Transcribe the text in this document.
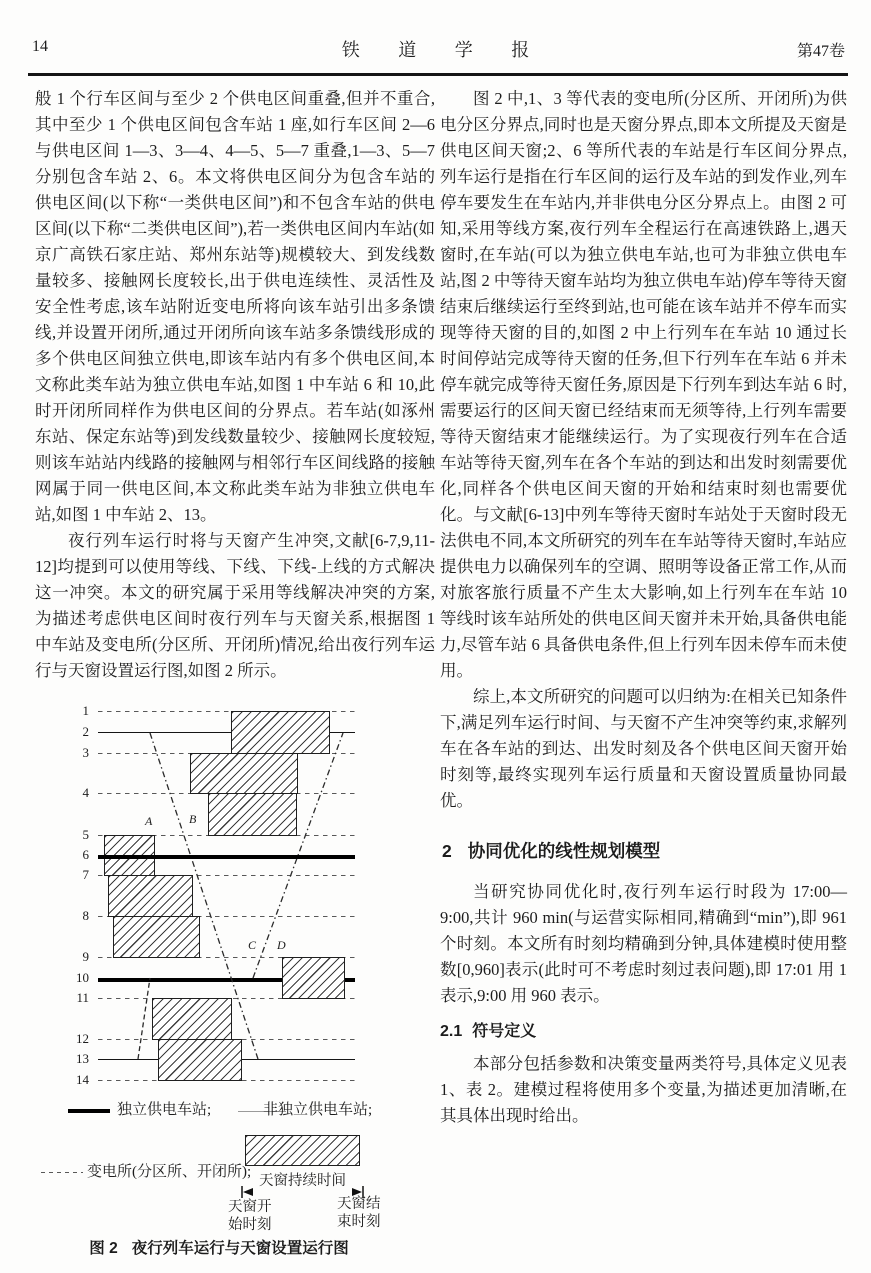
14	铁 道 学 报	第47卷

般 1 个行车区间与至少 2 个供电区间重叠,但并不重合,其中至少 1 个供电区间包含车站 1 座,如行车区间 2—6 与供电区间 1—3、3—4、4—5、5—7 重叠,1—3、5—7 分别包含车站 2、6。本文将供电区间分为包含车站的供电区间(以下称“一类供电区间”)和不包含车站的供电区间(以下称“二类供电区间”),若一类供电区间内车站(如京广高铁石家庄站、郑州东站等)规模较大、到发线数量较多、接触网长度较长,出于供电连续性、灵活性及安全性考虑,该车站附近变电所将向该车站引出多条馈线,并设置开闭所,通过开闭所向该车站多条馈线形成的多个供电区间独立供电,即该车站内有多个供电区间,本文称此类车站为独立供电车站,如图 1 中车站 6 和 10,此时开闭所同样作为供电区间的分界点。若车站(如涿州东站、保定东站等)到发线数量较少、接触网长度较短,则该车站站内线路的接触网与相邻行车区间线路的接触网属于同一供电区间,本文称此类车站为非独立供电车站,如图 1 中车站 2、13。

夜行列车运行时将与天窗产生冲突,文献[6-7,9,11-12]均提到可以使用等线、下线、下线-上线的方式解决这一冲突。本文的研究属于采用等线解决冲突的方案,为描述考虑供电区间时夜行列车与天窗关系,根据图 1 中车站及变电所(分区所、开闭所)情况,给出夜行列车运行与天窗设置运行图,如图 2 所示。

1
2
3
4
5
6
7
8
9
10
11
12
13
14
A	B
C D
独立供电车站;	非独立供电车站;
变电所(分区所、开闭所);
天窗持续时间
天窗开始时刻
天窗结束时刻
图 2 夜行列车运行与天窗设置运行图

图 2 中,1、3 等代表的变电所(分区所、开闭所)为供电分区分界点,同时也是天窗分界点,即本文所提及天窗是供电区间天窗;2、6 等所代表的车站是行车区间分界点,列车运行是指在行车区间的运行及车站的到发作业,列车停车要发生在车站内,并非供电分区分界点上。由图 2 可知,采用等线方案,夜行列车全程运行在高速铁路上,遇天窗时,在车站(可以为独立供电车站,也可为非独立供电车站,图 2 中等待天窗车站均为独立供电车站)停车等待天窗结束后继续运行至终到站,也可能在该车站并不停车而实现等待天窗的目的,如图 2 中上行列车在车站 10 通过长时间停站完成等待天窗的任务,但下行列车在车站 6 并未停车就完成等待天窗任务,原因是下行列车到达车站 6 时,需要运行的区间天窗已经结束而无须等待,上行列车需要等待天窗结束才能继续运行。为了实现夜行列车在合适车站等待天窗,列车在各个车站的到达和出发时刻需要优化,同样各个供电区间天窗的开始和结束时刻也需要优化。与文献[6-13]中列车等待天窗时车站处于天窗时段无法供电不同,本文所研究的列车在车站等待天窗时,车站应提供电力以确保列车的空调、照明等设备正常工作,从而对旅客旅行质量不产生太大影响,如上行列车在车站 10 等线时该车站所处的供电区间天窗并未开始,具备供电能力,尽管车站 6 具备供电条件,但上行列车因未停车而未使用。

综上,本文所研究的问题可以归纳为:在相关已知条件下,满足列车运行时间、与天窗不产生冲突等约束,求解列车在各车站的到达、出发时刻及各个供电区间天窗开始时刻等,最终实现列车运行质量和天窗设置质量协同最优。

2 协同优化的线性规划模型

当研究协同优化时,夜行列车运行时段为 17:00—9:00,共计 960 min(与运营实际相同,精确到“min”),即 961 个时刻。本文所有时刻均精确到分钟,具体建模时使用整数[0,960]表示(此时可不考虑时刻过表问题),即 17:01 用 1 表示,9:00 用 960 表示。

2.1 符号定义

本部分包括参数和决策变量两类符号,具体定义见表 1、表 2。建模过程将使用多个变量,为描述更加清晰,在其具体出现时给出。
